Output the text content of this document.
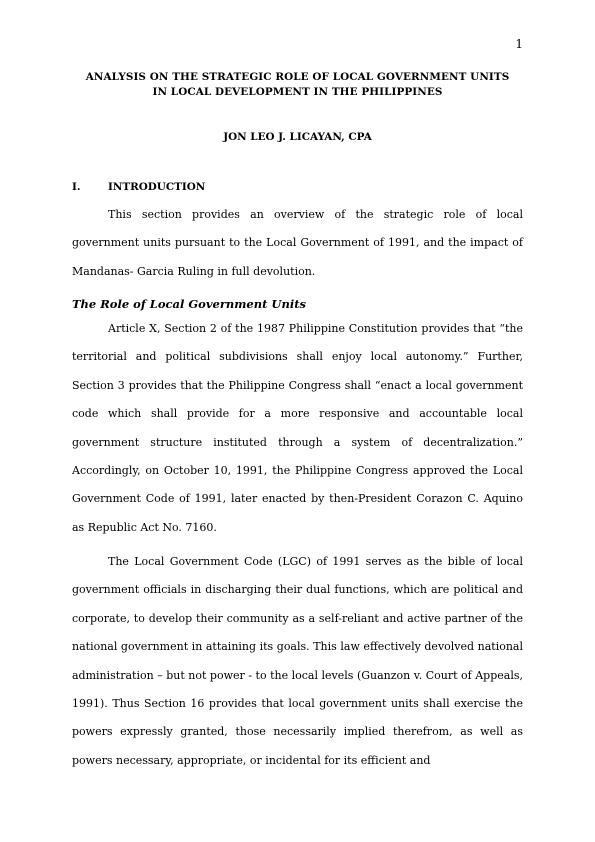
1
ANALYSIS ON THE STRATEGIC ROLE OF LOCAL GOVERNMENT UNITS
IN LOCAL DEVELOPMENT IN THE PHILIPPINES
JON LEO J. LICAYAN, CPA
I.	INTRODUCTION

This section provides an overview of the strategic role of local government units pursuant to the Local Government of 1991, and the impact of Mandanas- Garcia Ruling in full devolution.

The Role of Local Government Units

Article X, Section 2 of the 1987 Philippine Constitution provides that “the territorial and political subdivisions shall enjoy local autonomy.” Further, Section 3 provides that the Philippine Congress shall “enact a local government code which shall provide for a more responsive and accountable local government structure instituted through a system of decentralization.” Accordingly, on October 10, 1991, the Philippine Congress approved the Local Government Code of 1991, later enacted by then-President Corazon C. Aquino as Republic Act No. 7160.

The Local Government Code (LGC) of 1991 serves as the bible of local government officials in discharging their dual functions, which are political and corporate, to develop their community as a self-reliant and active partner of the national government in attaining its goals. This law effectively devolved national administration – but not power - to the local levels (Guanzon v. Court of Appeals, 1991). Thus Section 16 provides that local government units shall exercise the powers expressly granted, those necessarily implied therefrom, as well as powers necessary, appropriate, or incidental for its efficient and
